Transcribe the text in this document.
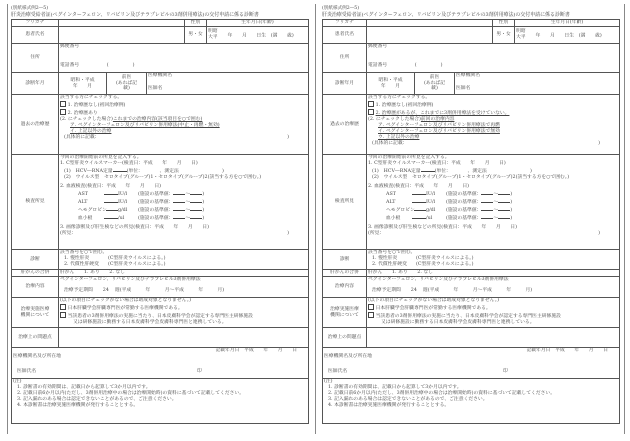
(別紙様式例2―5)
肝炎治療受給者証(ペグインターフェロン、リバビリン及びテラプレビルの3剤併用療法)の交付申請に係る診断書
フリガナ				性別	生年月日(年齢)
患者氏名				男・女	明昭
大平 年　　月　　日生　(満　　歳)
住所	郵便番号
電話番号 (　　　　　)				

診断年月	昭和・平成
年　　月	前医
(あれば記
載)	医療機関名
医師名		

過去の治療歴	
該当する方にチェックする。
1. 治療歴なし(初回治療例)
2. 治療歴あり
(2. にチェックした場合)これまでの治療内容(該当項目を○で囲む)
ア. ペグインターフェロン及びリバビリン併用療法(中止・再燃・無効)
イ. 上記以外の治療
(具体的に記載：	)

検査所見	
今回の治療開始前の所見を記入する。
1. C型肝炎ウイルスマーカー(検査日：平成　　年　　月　　日)
(1)　HCV―RNA定量	(単位：　　　　、測定法　　　　　　　　　)
(2)　ウイルス型　セロタイプ(グループ)1・セロタイプ(グループ)2(該当する方を○で囲む。)
2. 血液検査(検査日：平成　　年　　月　　日)
AST	IU/l (施設の基準値：	～	)
ALT	IU/l (施設の基準値：	～	)
ヘモグロビン g/dl (施設の基準値：	～	)
血小板	/ul	(施設の基準値：	～	)
3. 画像診断及び肝生検などの所見(検査日：平成　　年　　月　　日)
(所見：	)

診断	該当番号を○で囲む。
1. 慢性肝炎 (C型肝炎ウイルスによる。)
2. 代償性肝硬変 (C型肝炎ウイルスによる。)				

肝がんの合併	肝がん　　1. あり　　2. なし				
治療内容	ペグインターフェロン、リバビリン及びテラプレビル3剤併用療法
治療予定期間 24 週(平成　　　年　　　月～平成　　　年　　　月)				

治療実施医療
機関について	(以下の項目にチェックがない場合は助成対象となりません。)
日本肝臓学会肝臓専門医が常勤する医療機関である。
当該患者の3剤併用療法の実施に当たり、日本皮膚科学会が認定する専門医主研修施設
又は研修施設に勤務する日本皮膚科学会皮膚科専門医と連携している。				

治療上の問題点					

記載年月日　平成　　年　　月　　日
医療機関名及び所在地
医師氏名 印					

(注)
1. 診断書の有効期間は、記載日から起算して3か月以内です。
2. 記載日前6か月以内(ただし、3剤併用治療中の場合は治療開始時)の資料に基づいて記載してください。
3. 記入漏れのある場合は認定できないことがあるので、ご注意ください。
4. 本診断書は治療実施医療機関が発行することとする。					
(別紙様式例2―5)
肝炎治療受給者証(ペグインターフェロン、リバビリン及びテラプレビルの3剤併用療法)の交付申請に係る診断書
フリガナ				性別	生年月日(年齢)
患者氏名				男・女	明昭
大平 年　　月　　日生　(満　　歳)
住所	郵便番号
電話番号 (　　　　　)				

診断年月	昭和・平成
年　　月	前医
(あれば記
載)	医療機関名
医師名		

過去の治療歴	
該当する方にチェックする。
1. 治療歴なし(初回治療例)
2. 治療歴があるが、これまでに3剤併用療法を受けていない。
(2. にチェックした場合)前回の治療内容
ア. ペグインターフェロン及びリバビリン併用療法で再燃
イ. ペグインターフェロン及びリバビリン併用療法で無効
ウ. 上記以外の治療
(具体的に記載：	)

検査所見	
今回の治療開始前の所見を記入する。
1. C型肝炎ウイルスマーカー(検査日：平成　　年　　月　　日)
(1)　HCV―RNA定量	(単位：　　　　、測定法　　　　　　　　　)
(2)　ウイルス型　セロタイプ(グループ)1・セロタイプ(グループ)2(該当する方を○で囲む。)
2. 血液検査(検査日：平成　　年　　月　　日)
AST	IU/l (施設の基準値：	～	)
ALT	IU/l (施設の基準値：	～	)
ヘモグロビン g/dl (施設の基準値：	～	)
血小板	/ul	(施設の基準値：	～	)
3. 画像診断及び肝生検などの所見(検査日：平成　　年　　月　　日)
(所見：	)

診断	該当番号を○で囲む。
1. 慢性肝炎 (C型肝炎ウイルスによる。)
2. 代償性肝硬変 (C型肝炎ウイルスによる。)				

肝がんの合併	肝がん　　1. あり　　2. なし				
治療内容	ペグインターフェロン、リバビリン及びテラプレビル3剤併用療法
治療予定期間 24 週(平成　　　年　　　月～平成　　　年　　　月)				

治療実施医療
機関について	(以下の項目にチェックがない場合は助成対象となりません。)
日本肝臓学会肝臓専門医が常勤する医療機関である。
当該患者の3剤併用療法の実施に当たり、日本皮膚科学会が認定する専門医主研修施設
又は研修施設に勤務する日本皮膚科学会皮膚科専門医と連携している。				

治療上の問題点					

記載年月日　平成　　年　　月　　日
医療機関名及び所在地
医師氏名 印					

(注)
1. 診断書の有効期間は、記載日から起算して3か月以内です。
2. 記載日前6か月以内(ただし、3剤併用治療中の場合は治療開始時)の資料に基づいて記載してください。
3. 記入漏れのある場合は認定できないことがあるので、ご注意ください。
4. 本診断書は治療実施医療機関が発行することとする。					
